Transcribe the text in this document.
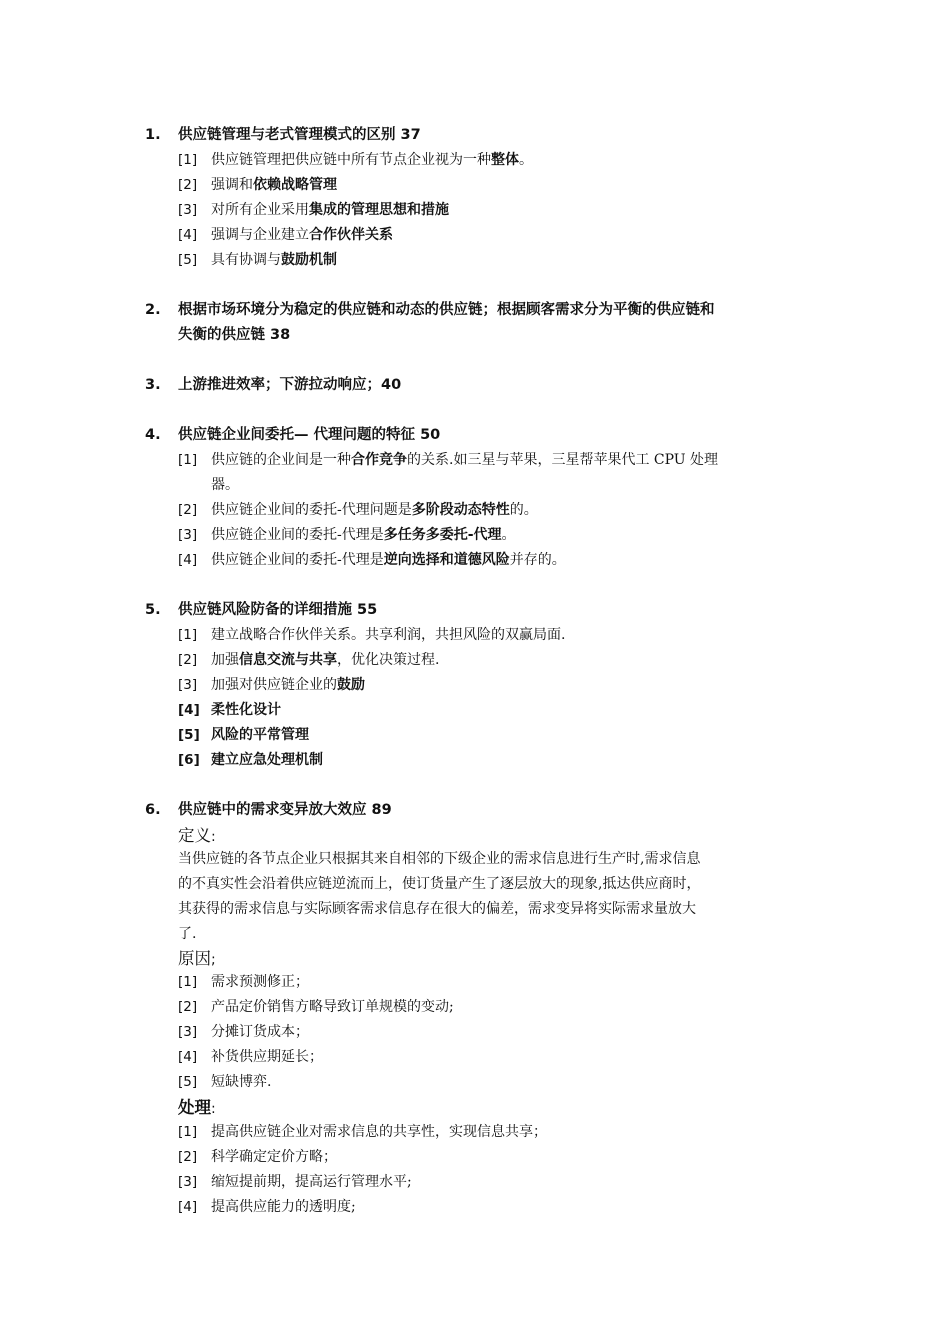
1.	供应链管理与老式管理模式的区别 37
[1] 供应链管理把供应链中所有节点企业视为一种整体。
[2] 强调和依赖战略管理
[3] 对所有企业采用集成的管理思想和措施
[4] 强调与企业建立合作伙伴关系
[5] 具有协调与鼓励机制
2.	根据市场环境分为稳定的供应链和动态的供应链；根据顾客需求分为平衡的供应链和
失衡的供应链 38
3.	上游推进效率；下游拉动响应；40
4.	供应链企业间委托— 代理问题的特征 50
[1] 供应链的企业间是一种合作竞争的关系.如三星与苹果，三星帮苹果代工 CPU 处理
器。
[2] 供应链企业间的委托-代理问题是多阶段动态特性的。
[3] 供应链企业间的委托-代理是多任务多委托-代理。
[4] 供应链企业间的委托-代理是逆向选择和道德风险并存的。
5.	供应链风险防备的详细措施 55
[1] 建立战略合作伙伴关系。共享利润，共担风险的双赢局面.
[2] 加强信息交流与共享，优化决策过程.
[3] 加强对供应链企业的鼓励
[4] 柔性化设计
[5] 风险的平常管理
[6] 建立应急处理机制
6.	供应链中的需求变异放大效应 89
定义:
当供应链的各节点企业只根据其来自相邻的下级企业的需求信息进行生产时,需求信息
的不真实性会沿着供应链逆流而上，使订货量产生了逐层放大的现象,抵达供应商时，
其获得的需求信息与实际顾客需求信息存在很大的偏差，需求变异将实际需求量放大
了.
原因;
[1] 需求预测修正；
[2] 产品定价销售方略导致订单规模的变动;
[3] 分摊订货成本；
[4] 补货供应期延长；
[5] 短缺博弈.
处理:
[1] 提高供应链企业对需求信息的共享性，实现信息共享；
[2] 科学确定定价方略；
[3] 缩短提前期，提高运行管理水平;
[4] 提高供应能力的透明度;
